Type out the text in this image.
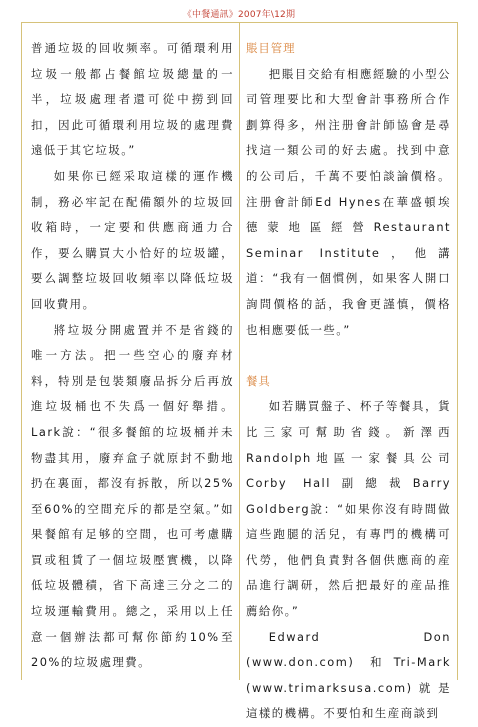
《中餐通訊》2007年\12期

普通垃圾的回收频率。可循環利用垃圾一般都占餐館垃圾總量的一半，垃圾處理者還可從中撈到回扣，因此可循環利用垃圾的處理費遠低于其它垃圾。”

如果你已經采取這樣的運作機制，務必牢記在配備額外的垃圾回收箱時，一定要和供應商通力合作，要么購買大小恰好的垃圾罐，要么調整垃圾回收頻率以降低垃圾回收費用。

將垃圾分開處置并不是省錢的唯一方法。把一些空心的廢弃材料，特別是包裝類廢品拆分后再放進垃圾桶也不失爲一個好舉措。Lark說：“很多餐館的垃圾桶并未物盡其用，廢弃盒子就原封不動地扔在裏面，都沒有拆散，所以25%至60%的空間充斥的都是空氣。”如果餐館有足够的空間，也可考慮購買或租賃了一個垃圾壓實機，以降低垃圾體積，省下高達三分之二的垃圾運輸費用。總之，采用以上任意一個辦法都可幫你節約10%至20%的垃圾處理費。

賬目管理

把賬目交給有相應經驗的小型公司管理要比和大型會計事務所合作劃算得多，州注册會計師協會是尋找這一類公司的好去處。找到中意的公司后，千萬不要怕談論價格。注册會計師Ed Hynes在華盛頓埃德蒙地區經營Restaurant Seminar Institute，他講道：“我有一個慣例，如果客人開口詢問價格的話，我會更謹慎，價格也相應要低一些。”

餐具

如若購買盤子、杯子等餐具，貨比三家可幫助省錢。新澤西Randolph地區一家餐具公司Corby Hall副總裁Barry Goldberg說：“如果你沒有時間做這些跑腿的活兒，有專門的機構可代勞，他們負責對各個供應商的産品進行調研，然后把最好的産品推薦給你。”

Edward Don (www.don.com) 和Tri-Mark (www.trimarksusa.com)就是這樣的機構。不要怕和生産商談到
